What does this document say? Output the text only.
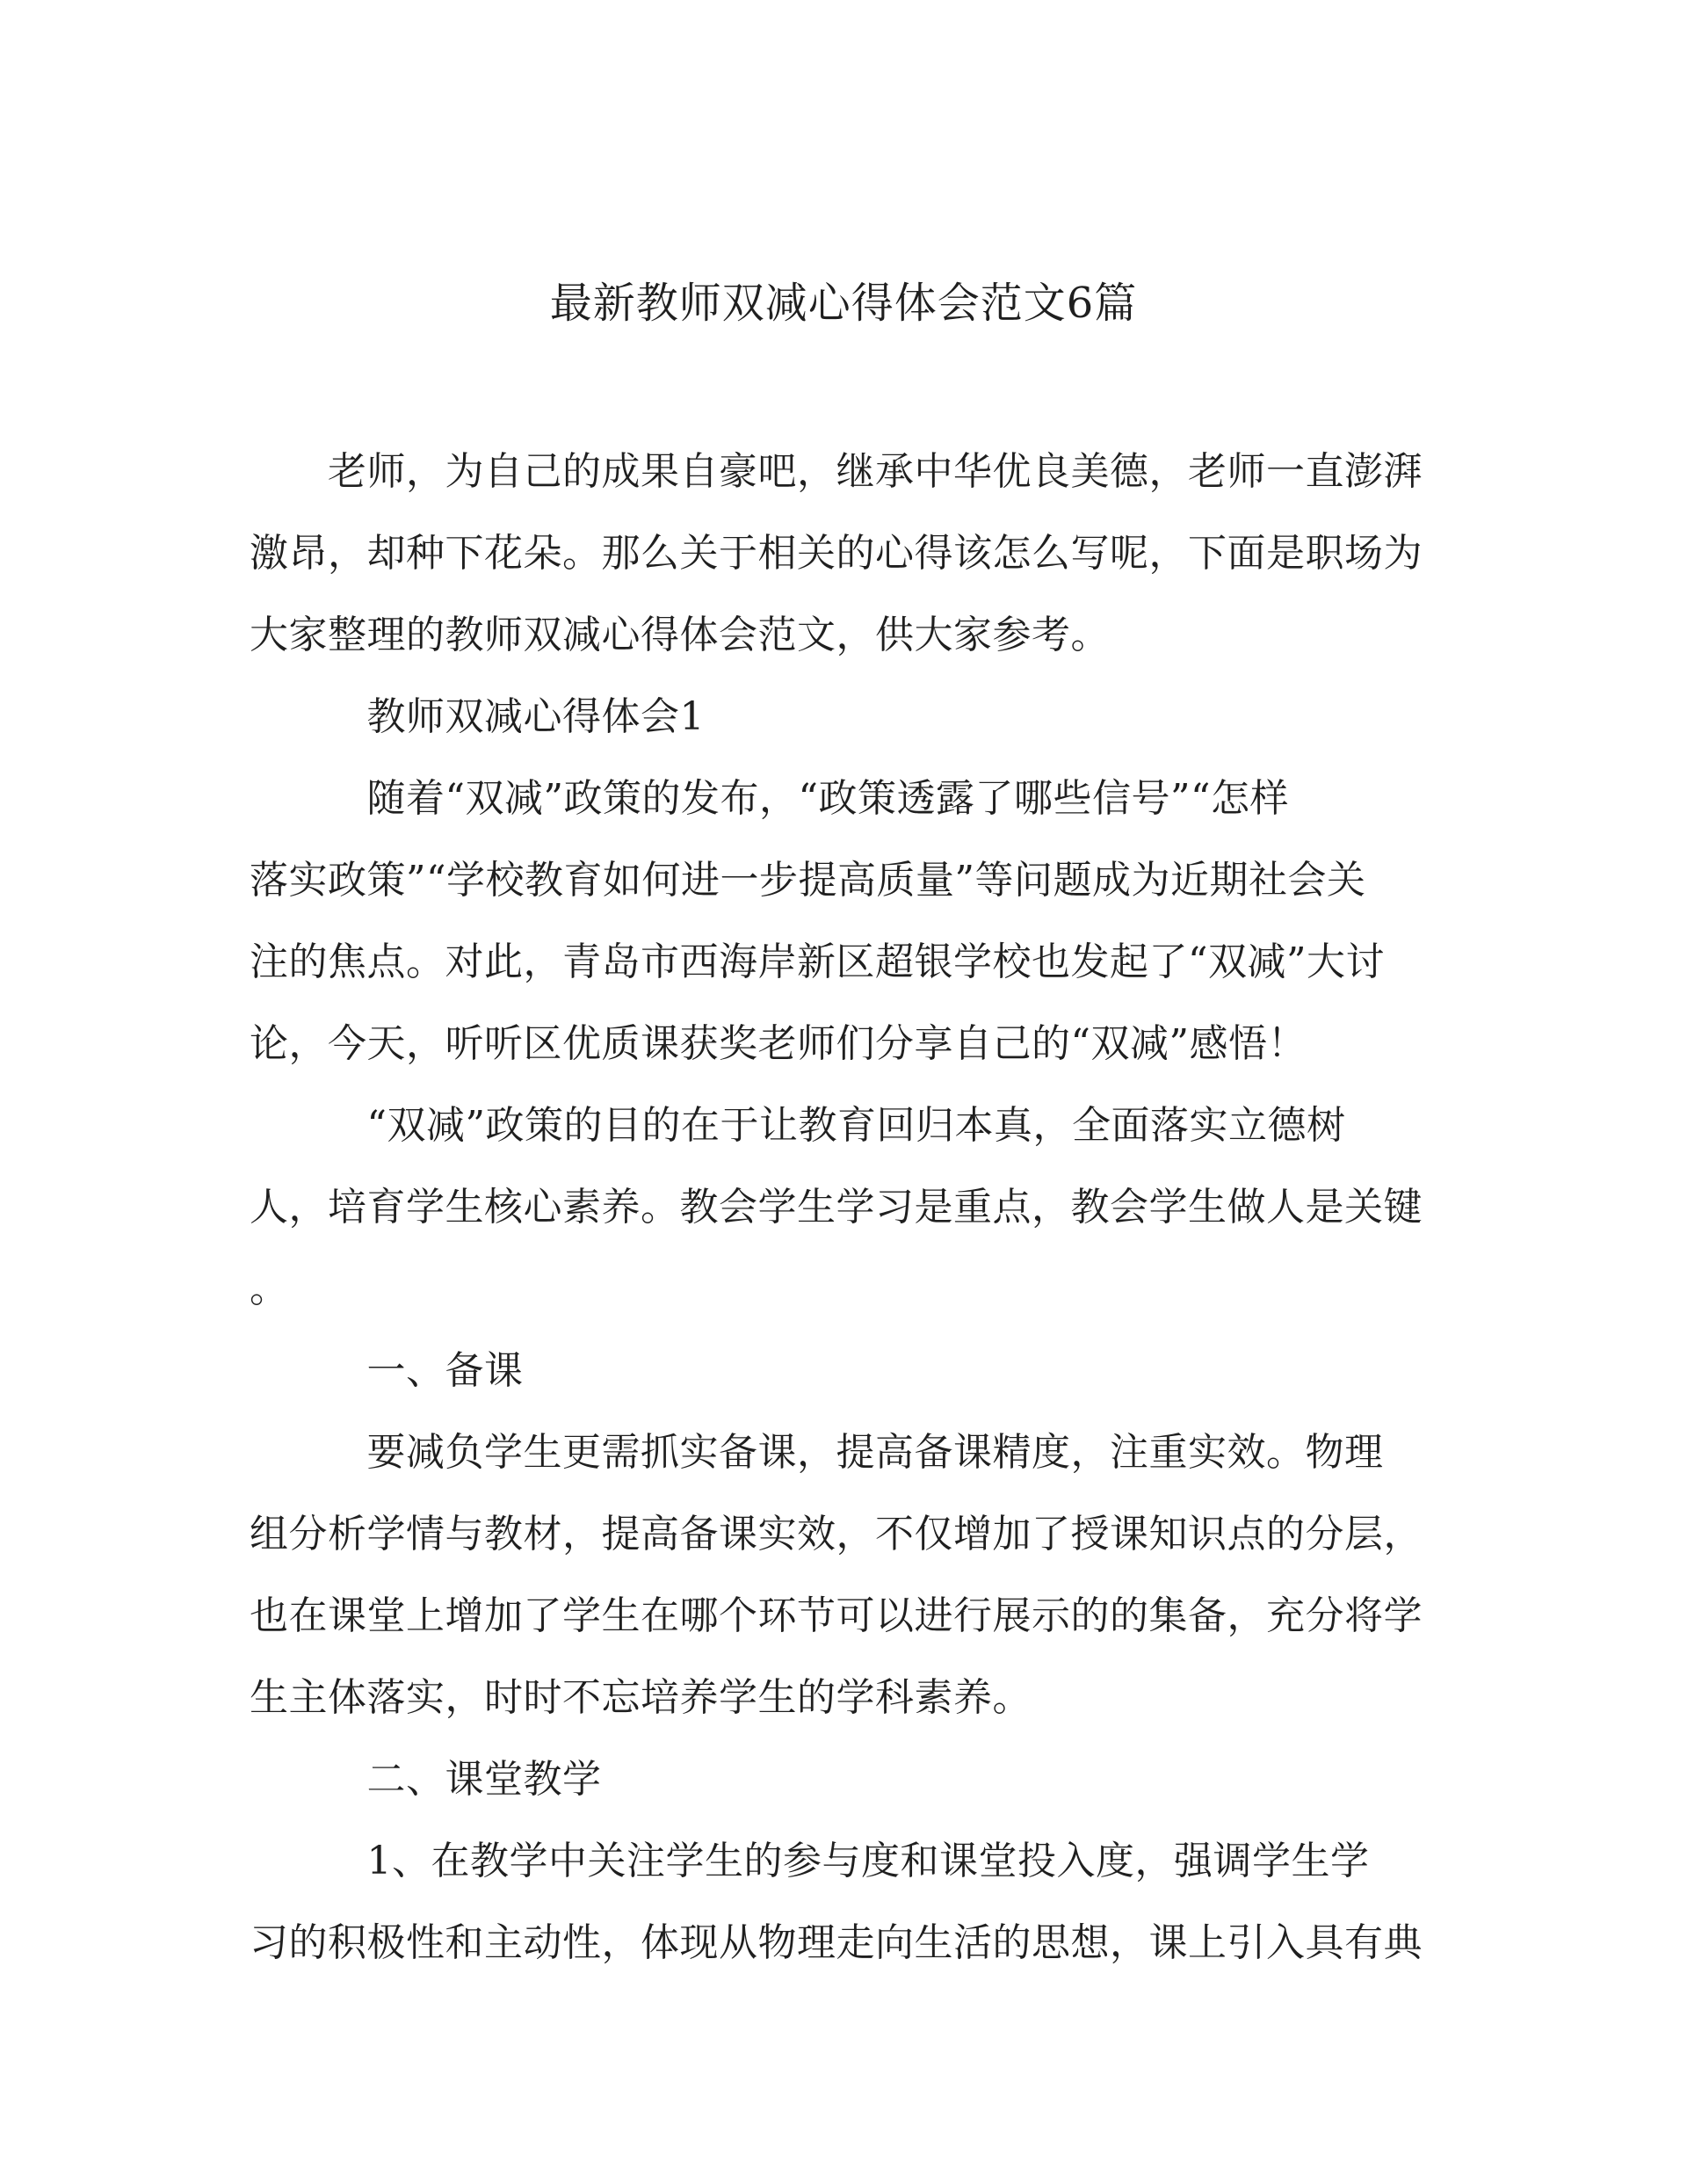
最新教师双减心得体会范文6篇

　　老师，为自己的成果自豪吧，继承中华优良美德，老师一直澎湃

激昂，却种下花朵。那么关于相关的心得该怎么写呢，下面是职场为

大家整理的教师双减心得体会范文，供大家参考。

　　　教师双减心得体会1

　　　随着“双减”政策的发布，“政策透露了哪些信号”“怎样

落实政策”“学校教育如何进一步提高质量”等问题成为近期社会关

注的焦点。对此，青岛市西海岸新区超银学校也发起了“双减”大讨

论，今天，听听区优质课获奖老师们分享自己的“双减”感悟！

　　　“双减”政策的目的在于让教育回归本真，全面落实立德树

人，培育学生核心素养。教会学生学习是重点，教会学生做人是关键

。

　　　一、备课

　　　要减负学生更需抓实备课，提高备课精度，注重实效。物理

组分析学情与教材，提高备课实效，不仅增加了授课知识点的分层，

也在课堂上增加了学生在哪个环节可以进行展示的的集备，充分将学

生主体落实，时时不忘培养学生的学科素养。

　　　二、课堂教学

　　　1、在教学中关注学生的参与度和课堂投入度，强调学生学

习的积极性和主动性，体现从物理走向生活的思想，课上引入具有典
